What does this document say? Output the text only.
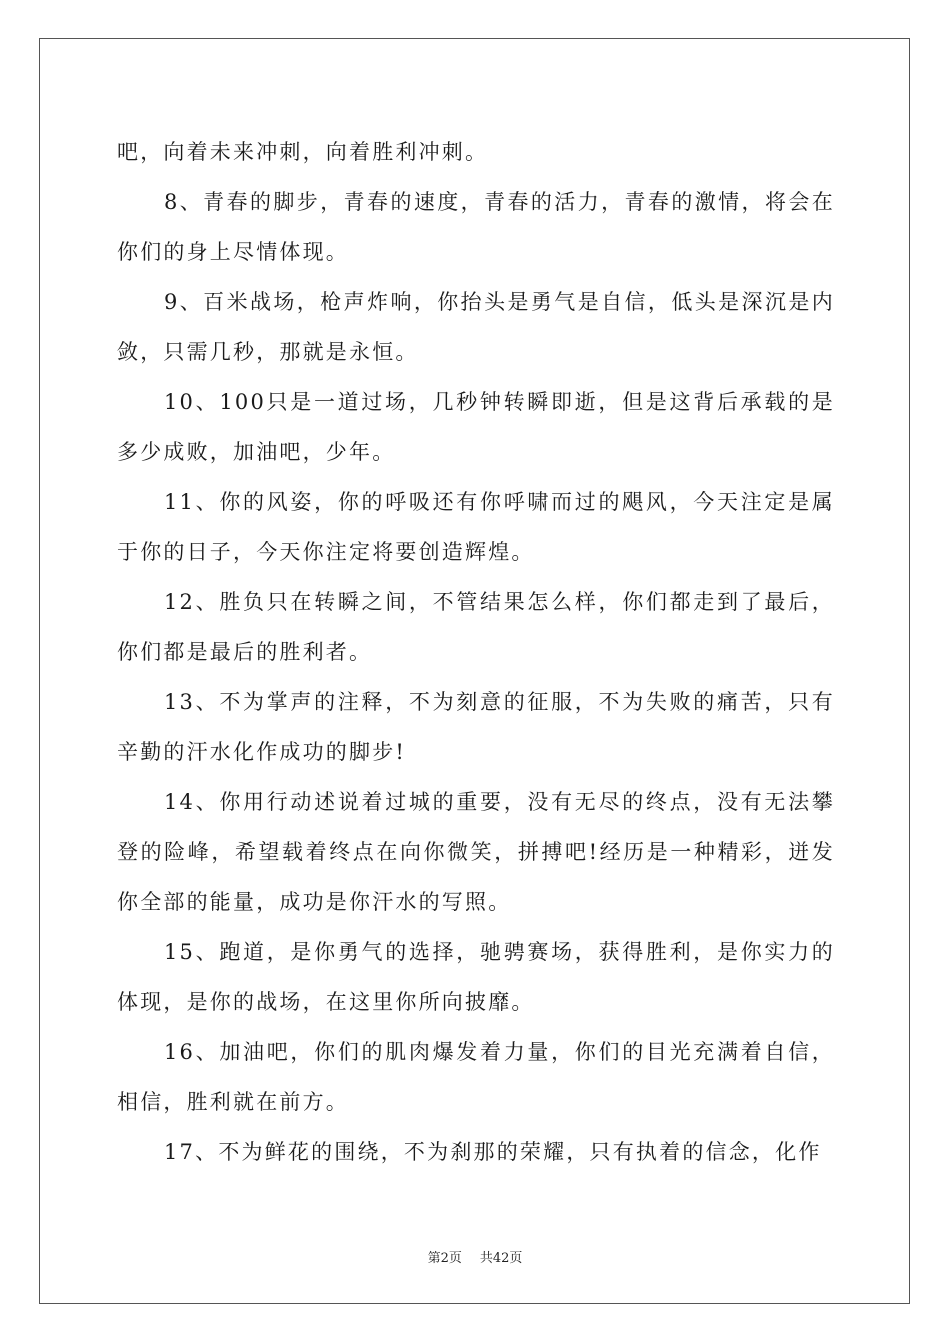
吧，向着未来冲刺，向着胜利冲刺。

8、青春的脚步，青春的速度，青春的活力，青春的激情，将会在你们的身上尽情体现。

9、百米战场，枪声炸响，你抬头是勇气是自信，低头是深沉是内敛，只需几秒，那就是永恒。

10、100只是一道过场，几秒钟转瞬即逝，但是这背后承载的是多少成败，加油吧，少年。

11、你的风姿，你的呼吸还有你呼啸而过的飓风，今天注定是属于你的日子，今天你注定将要创造辉煌。

12、胜负只在转瞬之间，不管结果怎么样，你们都走到了最后，你们都是最后的胜利者。

13、不为掌声的注释，不为刻意的征服，不为失败的痛苦，只有辛勤的汗水化作成功的脚步!

14、你用行动述说着过城的重要，没有无尽的终点，没有无法攀登的险峰，希望载着终点在向你微笑，拼搏吧!经历是一种精彩，迸发你全部的能量，成功是你汗水的写照。

15、跑道，是你勇气的选择，驰骋赛场，获得胜利，是你实力的体现，是你的战场，在这里你所向披靡。

16、加油吧，你们的肌肉爆发着力量，你们的目光充满着自信，相信，胜利就在前方。

17、不为鲜花的围绕，不为刹那的荣耀，只有执着的信念，化作

第2页 共42页
